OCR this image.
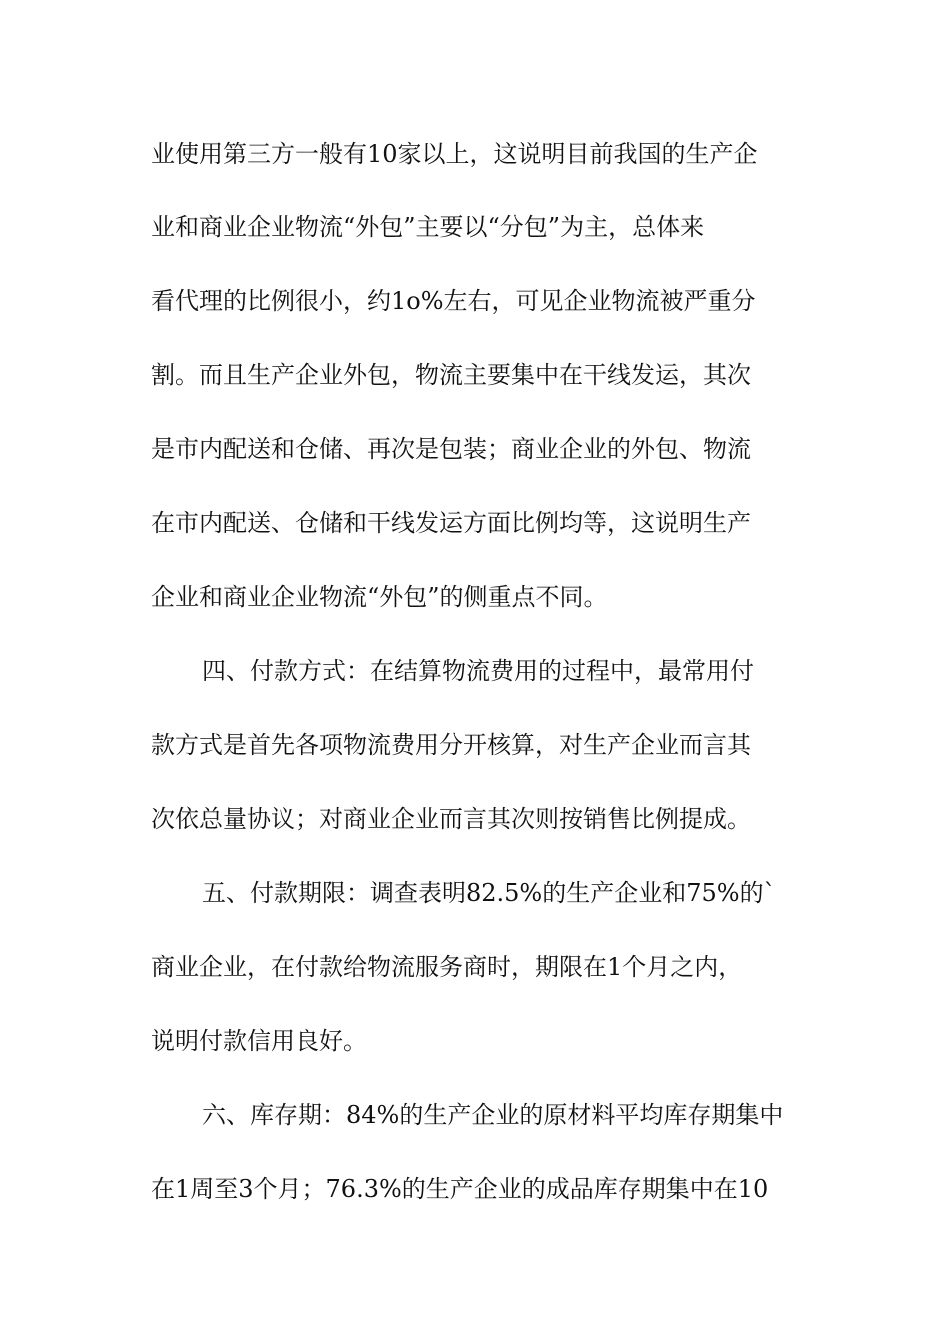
业使用第三方一般有10家以上，这说明目前我国的生产企
业和商业企业物流“外包”主要以“分包”为主，总体来
看代理的比例很小，约1o%左右，可见企业物流被严重分
割。而且生产企业外包，物流主要集中在干线发运，其次
是市内配送和仓储、再次是包装；商业企业的外包、物流
在市内配送、仓储和干线发运方面比例均等，这说明生产
企业和商业企业物流“外包”的侧重点不同。
四、付款方式：在结算物流费用的过程中，最常用付
款方式是首先各项物流费用分开核算，对生产企业而言其
次依总量协议；对商业企业而言其次则按销售比例提成。
五、付款期限：调查表明82.5%的生产企业和75%的`
商业企业，在付款给物流服务商时，期限在1个月之内，
说明付款信用良好。
六、库存期：84%的生产企业的原材料平均库存期集中
在1周至3个月；76.3%的生产企业的成品库存期集中在10
